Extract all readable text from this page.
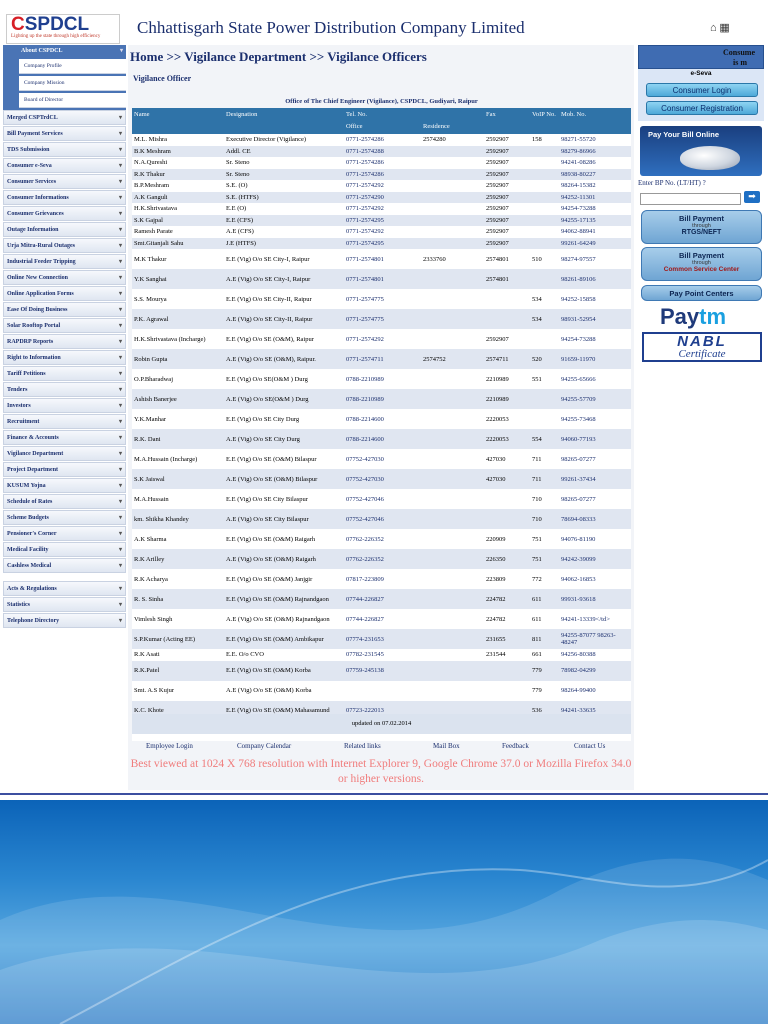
CSPDCL
Lighting up the state through high efficiency Chhattisgarh State Power Distribution Company Limited	⌂ ▦
About CSPDCL	▾
Company Profile
Company Mission
Board of Director
Merged CSPTrdCL	▾
Bill Payment Services	▾
TDS Submission	▾
Consumer e-Seva	▾
Consumer Services	▾
Consumer Informations	▾
Consumer Grievances	▾
Outage Information	▾
Urja Mitra-Rural Outages	▾
Industrial Feeder Tripping	▾
Online New Connection	▾
Online Application Forms	▾
Ease Of Doing Business	▾
Solar Rooftop Portal	▾
RAPDRP Reports	▾
Right to Information	▾
Tariff Petitions	▾
Tenders	▾
Investors	▾
Recruitment	▾
Finance & Accounts	▾
Vigilance Department	▾
Project Department	▾
KUSUM Yojna	▾
Schedule of Rates	▾
Scheme Budgets	▾
Pensioner's Corner	▾
Medical Facility	▾
Cashless Medical	▾
Acts & Regulations	▾
Statistics	▾
Telephone Directory	▾
Home >> Vigilance Department >> Vigilance Officers
Vigilance Officer
Office of The Chief Engineer (Vigilance), CSPDCL, Gudiyari, Raipur
Name	Designation	Tel. No.
Office	Residence	Fax	VoIP No.	Mob. No.
M.L. Mishra	Executive Director (Vigilance)	0771-2574286	2574280	2592907	158	98271-55720
B.K Meshram	Addl. CE	0771-2574288		2592907		98279-86966
N.A.Qureshi	Sr. Steno	0771-2574286		2592907		94241-08286
R.K Thakur	Sr. Steno	0771-2574286		2592907		98938-80227
B.P.Meshram	S.E. (O)	0771-2574292		2592907		98264-15382
A.K Ganguli	S.E. (HTFS)	0771-2574290		2592907		94252-11301
H.K.Shrivastava	E.E (O)	0771-2574292		2592907		94254-73288
S.K Gajpal	E.E (CFS)	0771-2574295		2592907		94255-17135
Ramesh Parate	A.E (CFS)	0771-2574292		2592907		94062-88941
Smt.Gitanjali Sahu	J.E (HTFS)	0771-2574295		2592907		99261-64249
M.K Thakur	E.E (Vig) O/o SE City-I, Raipur	0771-2574801	2333760	2574801	510	98274-97557
Y.K Sanghai	A.E (Vig) O/o SE City-I, Raipur	0771-2574801		2574801		98261-89106
S.S. Mourya	E.E (Vig) O/o SE City-II, Raipur	0771-2574775			534	94252-15858
P.K. Agrawal	A.E (Vig) O/o SE City-II, Raipur	0771-2574775			534	98931-52954
H.K.Shrivastava (Incharge)	E.E (Vig) O/o SE (O&M), Raipur	0771-2574292		2592907		94254-73288
Robin Gupta	A.E (Vig) O/o SE (O&M), Raipur.	0771-2574711	2574752	2574711	520	91659-11970
O.P.Bharadwaj	E.E (Vig) O/o SE(O&M ) Durg	0788-2210989		2210989	551	94255-65666
Ashish Banerjee	A.E (Vig) O/o SE(O&M ) Durg	0788-2210989		2210989		94255-57709
Y.K.Manhar	E.E (Vig) O/o SE City Durg	0788-2214600		2220053		94255-73468
R.K. Dani	A.E (Vig) O/o SE City Durg	0788-2214600		2220053	554	94060-77193
M.A.Hussain (Incharge)	E.E (Vig) O/o SE (O&M) Bilaspur	07752-427030		427030	711	98265-07277
S.K Jaiswal	A.E (Vig) O/o SE (O&M) Bilaspur	07752-427030		427030	711	99261-37434
M.A.Hussain	E.E (Vig) O/o SE City Bilaspur	07752-427046			710	98265-07277
km. Shikha Khandey	A.E (Vig) O/o SE City Bilaspur	07752-427046			710	78694-08333
A.K Sharma	E.E (Vig) O/o SE (O&M) Raigarh	07762-226352		220909	751	94076-81190
R.K Arilley	A.E (Vig) O/o SE (O&M) Raigarh	07762-226352		226350	751	94242-39099
R.K Acharya	E.E (Vig) O/o SE (O&M) Janjgir	07817-223809		223809	772	94062-16853
R. S. Sinha	E.E (Vig) O/o SE (O&M) Rajnandgaon	07744-226827		224782	611	99931-93618
Vimlesh Singh	A.E (Vig) O/o SE (O&M) Rajnandgaon	07744-226827		224782	611	94241-13339</td>
S.P.Kumar (Acting EE)	E.E (Vig) O/o SE (O&M) Ambikapur	07774-231653		231655	811	94255-87077 98263-48247
R.K Asati	E.E. O/o CVO	07782-231545		231544	661	94256-80388
R.K.Patel	E.E (Vig) O/o SE (O&M) Korba	07759-245138			779	78982-04299
Smt. A.S Kujur	A.E (Vig) O/o SE (O&M) Korba				779	98264-99400
K.C. Khote	E.E (Vig) O/o SE (O&M) Mahasamund	07723-222013			536	94241-33635

updated on 07.02.2014
Employee Login	Company Calendar	Related links	Mail Box	Feedback	Contact Us
Best viewed at 1024 X 768 resolution with Internet Explorer 9, Google Chrome 37.0 or Mozilla Firefox 34.0 or higher versions.
Consume
is m
e-Seva
Consumer Login
Consumer Registration
Pay Your Bill Online
Enter BP No. (LT/HT) ?
➡
Bill Payment
through
RTGS/NEFT
Bill Payment
through
Common Service Center
Pay Point Centers
Paytm
NABL
Certificate
